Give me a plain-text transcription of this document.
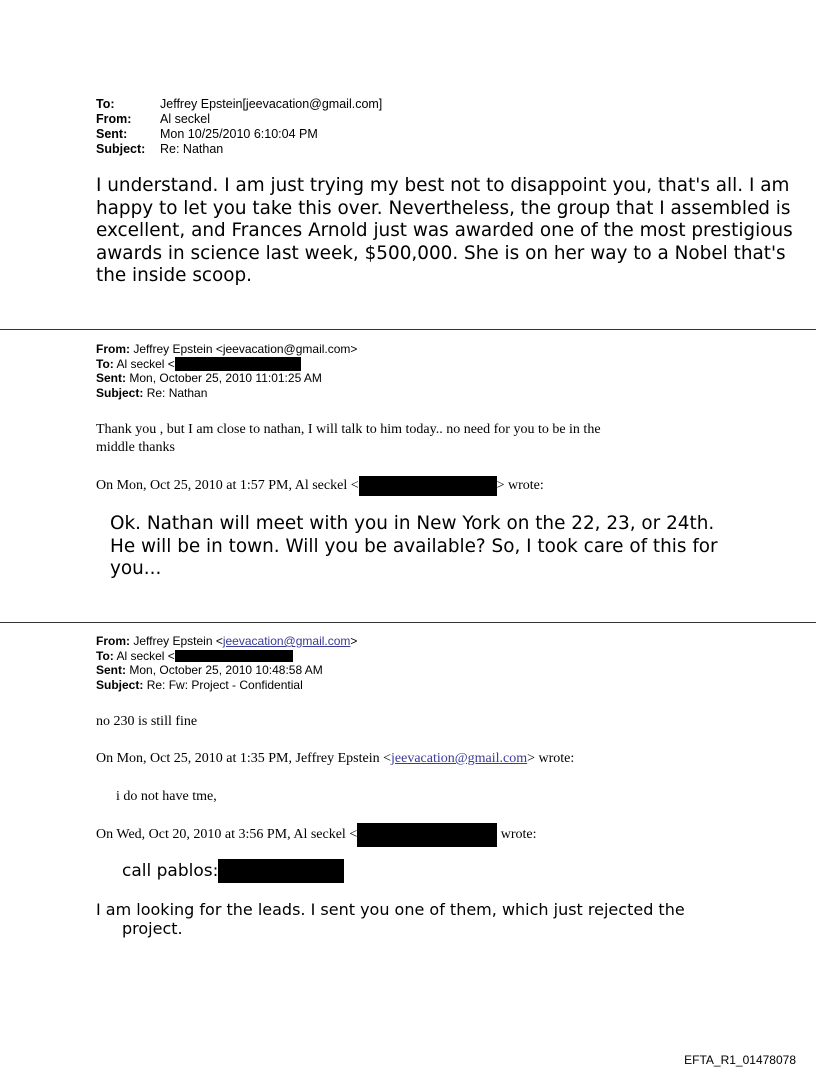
To:	Jeffrey Epstein[jeevacation@gmail.com]
From:	Al seckel
Sent:	Mon 10/25/2010 6:10:04 PM
Subject:	Re: Nathan
I understand. I am just trying my best not to disappoint you, that's all. I am happy to let you take this over. Nevertheless, the group that I assembled is excellent, and Frances Arnold just was awarded one of the most prestigious awards in science last week, $500,000. She is on her way to a Nobel that's the inside scoop.
From: Jeffrey Epstein <jeevacation@gmail.com>
To: Al seckel <
Sent: Mon, October 25, 2010 11:01:25 AM
Subject: Re: Nathan
Thank you , but I am close to nathan, I will talk to him today.. no need for you to be in the
middle thanks
On Mon, Oct 25, 2010 at 1:57 PM, Al seckel <	> wrote:
Ok. Nathan will meet with you in New York on the 22, 23, or 24th. He will be in town. Will you be available? So, I took care of this for you...
From: Jeffrey Epstein <jeevacation@gmail.com>
To: Al seckel <
Sent: Mon, October 25, 2010 10:48:58 AM
Subject: Re: Fw: Project - Confidential
no 230 is still fine
On Mon, Oct 25, 2010 at 1:35 PM, Jeffrey Epstein <jeevacation@gmail.com> wrote:
i do not have tme,
On Wed, Oct 20, 2010 at 3:56 PM, Al seckel <	wrote:
call pablos:
I am looking for the leads. I sent you one of them, which just rejected the
project.
EFTA_R1_01478078
